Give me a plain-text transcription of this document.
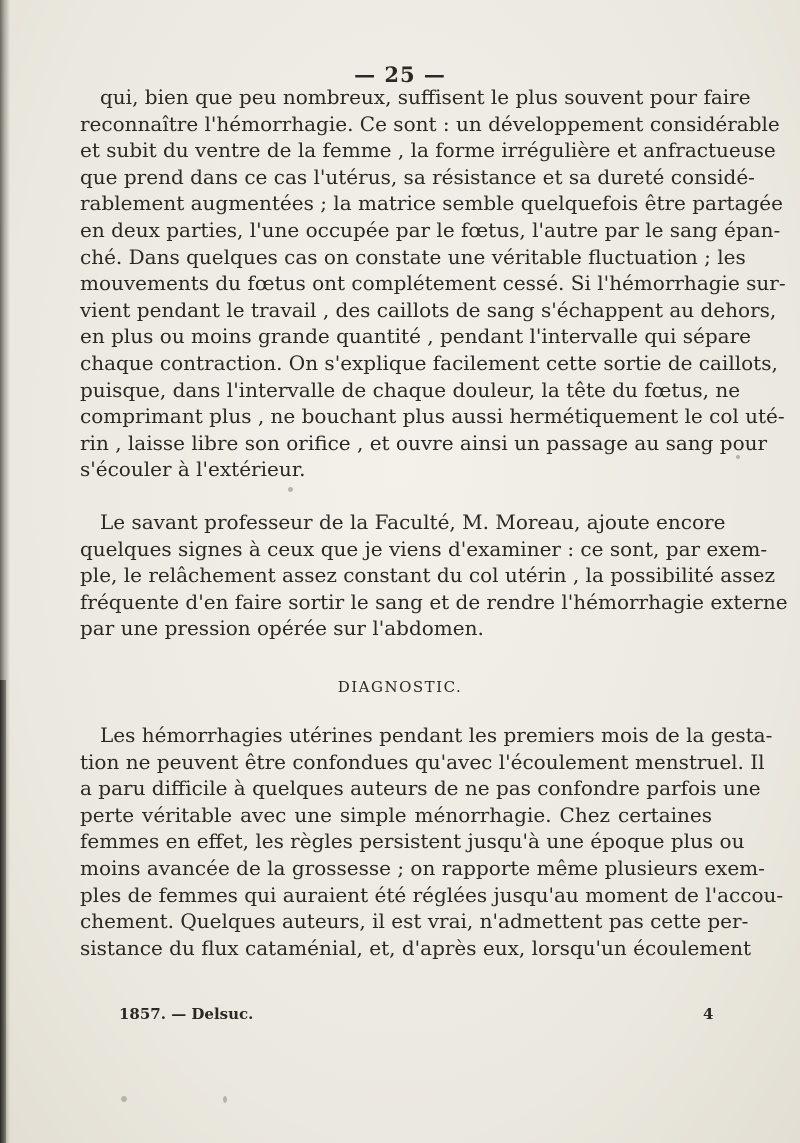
— 25 —
qui, bien que peu nombreux, suffisent le plus souvent pour faire
reconnaître l'hémorrhagie. Ce sont : un développement considérable
et subit du ventre de la femme , la forme irrégulière et anfractueuse
que prend dans ce cas l'utérus, sa résistance et sa dureté considé-
rablement augmentées ; la matrice semble quelquefois être partagée
en deux parties, l'une occupée par le fœtus, l'autre par le sang épan-
ché. Dans quelques cas on constate une véritable fluctuation ; les
mouvements du fœtus ont complétement cessé. Si l'hémorrhagie sur-
vient pendant le travail , des caillots de sang s'échappent au dehors,
en plus ou moins grande quantité , pendant l'intervalle qui sépare
chaque contraction. On s'explique facilement cette sortie de caillots,
puisque, dans l'intervalle de chaque douleur, la tête du fœtus, ne
comprimant plus , ne bouchant plus aussi hermétiquement le col uté-
rin , laisse libre son orifice , et ouvre ainsi un passage au sang pour
s'écouler à l'extérieur.
Le savant professeur de la Faculté, M. Moreau, ajoute encore
quelques signes à ceux que je viens d'examiner : ce sont, par exem-
ple, le relâchement assez constant du col utérin , la possibilité assez
fréquente d'en faire sortir le sang et de rendre l'hémorrhagie externe
par une pression opérée sur l'abdomen.
DIAGNOSTIC.
Les hémorrhagies utérines pendant les premiers mois de la gesta-
tion ne peuvent être confondues qu'avec l'écoulement menstruel. Il
a paru difficile à quelques auteurs de ne pas confondre parfois une
perte véritable avec une simple ménorrhagie. Chez certaines
femmes en effet, les règles persistent jusqu'à une époque plus ou
moins avancée de la grossesse ; on rapporte même plusieurs exem-
ples de femmes qui auraient été réglées jusqu'au moment de l'accou-
chement. Quelques auteurs, il est vrai, n'admettent pas cette per-
sistance du flux cataménial, et, d'après eux, lorsqu'un écoulement
1857. — Delsuc.	4
